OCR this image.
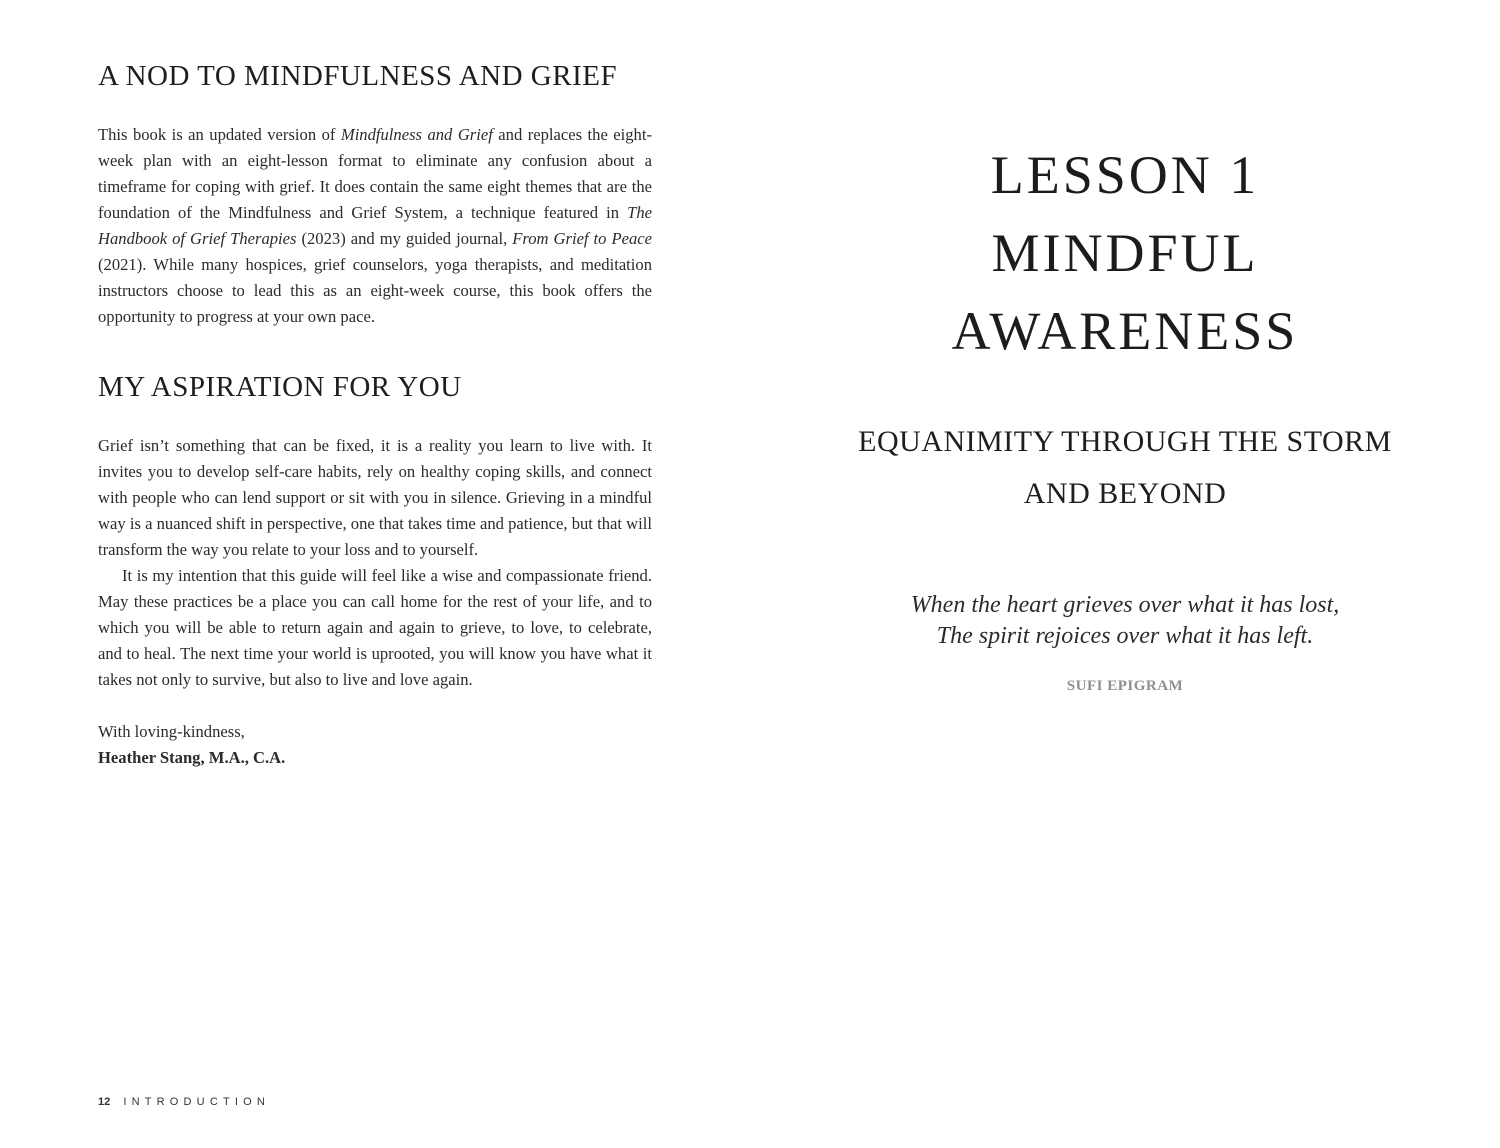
A NOD TO MINDFULNESS AND GRIEF

This book is an updated version of Mindfulness and Grief and replaces the eight-week plan with an eight-lesson format to eliminate any confusion about a timeframe for coping with grief. It does contain the same eight themes that are the foundation of the Mindfulness and Grief System, a technique featured in The Handbook of Grief Therapies (2023) and my guided journal, From Grief to Peace (2021). While many hospices, grief counselors, yoga therapists, and meditation instructors choose to lead this as an eight-week course, this book offers the opportunity to progress at your own pace.

MY ASPIRATION FOR YOU

Grief isn’t something that can be fixed, it is a reality you learn to live with. It invites you to develop self-care habits, rely on healthy coping skills, and connect with people who can lend support or sit with you in silence. Grieving in a mindful way is a nuanced shift in perspective, one that takes time and patience, but that will transform the way you relate to your loss and to yourself.

It is my intention that this guide will feel like a wise and compassionate friend. May these practices be a place you can call home for the rest of your life, and to which you will be able to return again and again to grieve, to love, to celebrate, and to heal. The next time your world is uprooted, you will know you have what it takes not only to survive, but also to live and love again.

With loving-kindness,
Heather Stang, M.A., C.A.
12 INTRODUCTION
LESSON 1
MINDFUL
AWARENESS
EQUANIMITY THROUGH THE STORM
AND BEYOND
When the heart grieves over what it has lost,
The spirit rejoices over what it has left.
SUFI EPIGRAM
